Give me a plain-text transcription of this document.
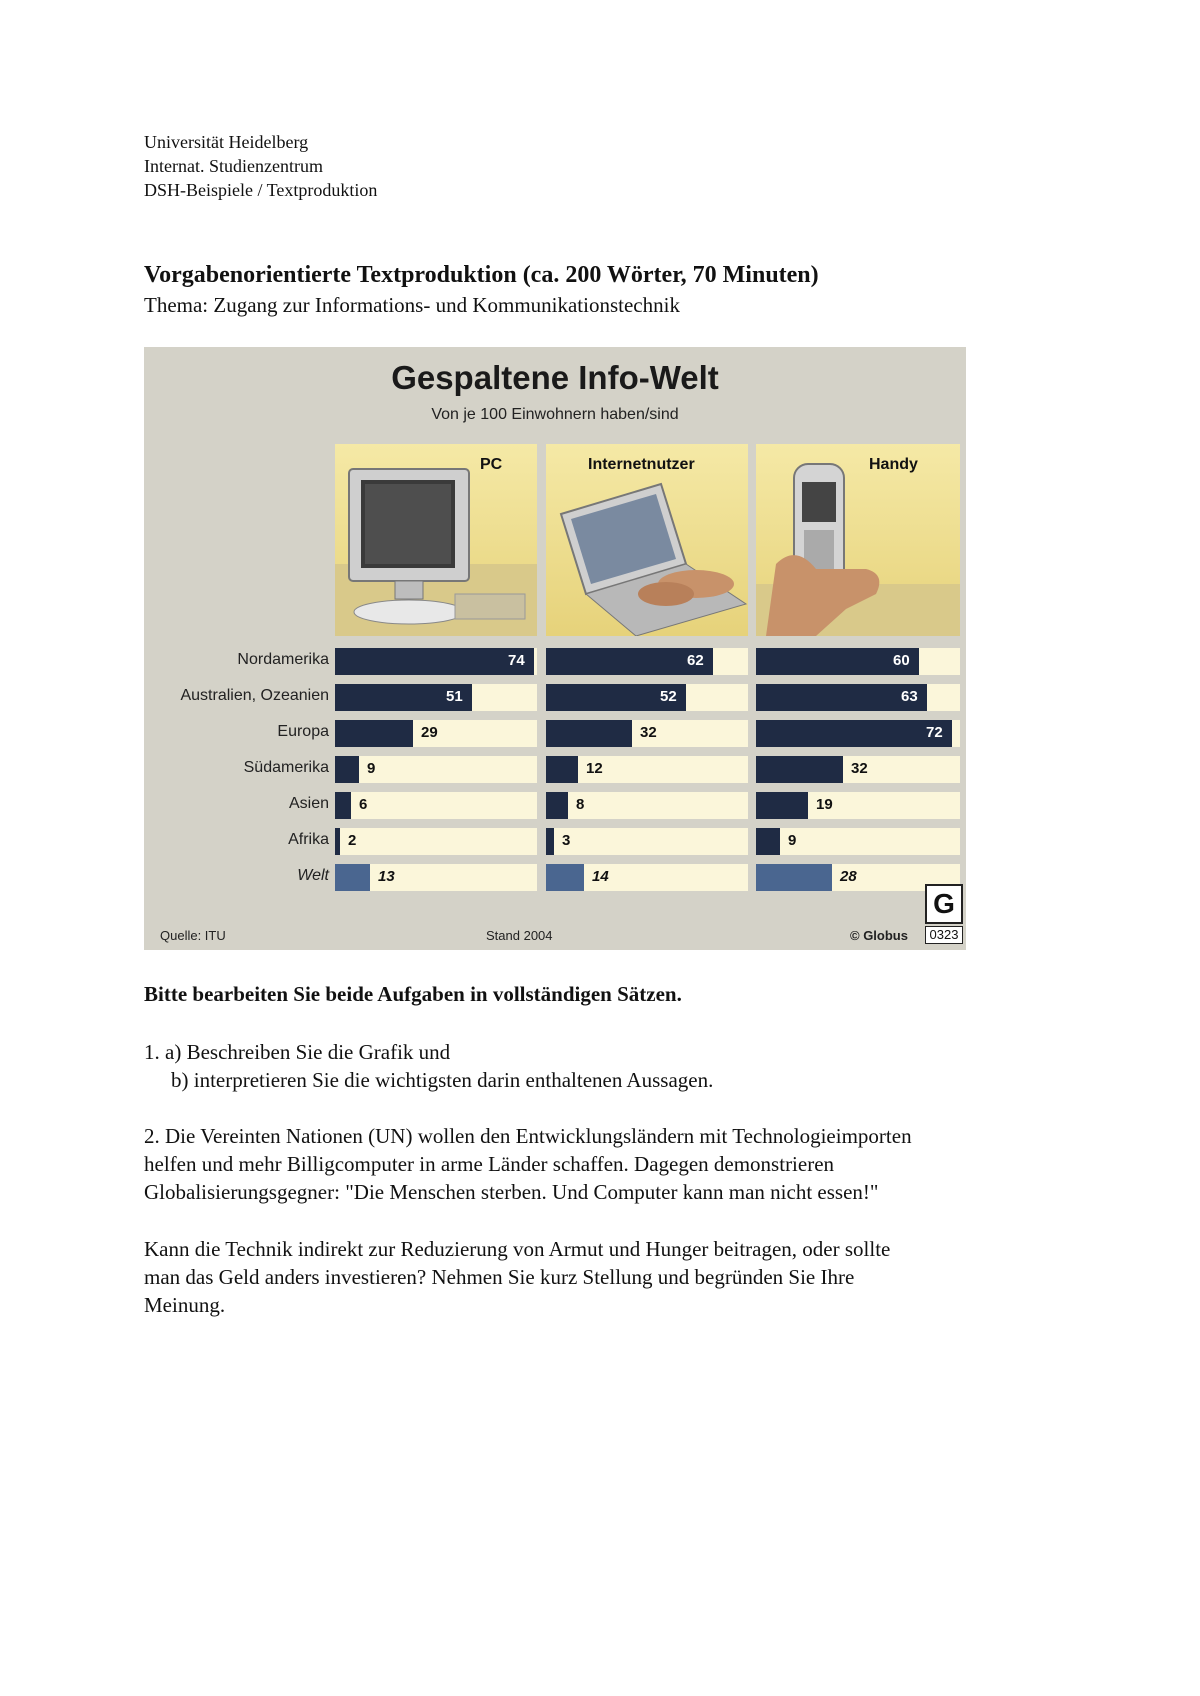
Universität Heidelberg
Internat. Studienzentrum
DSH-Beispiele / Textproduktion
Vorgabenorientierte Textproduktion (ca. 200 Wörter, 70 Minuten)
Thema: Zugang zur Informations- und Kommunikationstechnik
Gespaltene Info-Welt
Von je 100 Einwohnern haben/sind
PC	Internetnutzer	Handy
Nordamerika	74	62	60
Australien, Ozeanien	51	52	63
Europa	29	32	72
Südamerika	9	12	32
Asien 6	8	19
Afrika 2	3	9
Welt	13	14	28
Quelle: ITU	Stand 2004	© Globus
G
0323
Bitte bearbeiten Sie beide Aufgaben in vollständigen Sätzen.
1. a) Beschreiben Sie die Grafik und
b) interpretieren Sie die wichtigsten darin enthaltenen Aussagen.
2. Die Vereinten Nationen (UN) wollen den Entwicklungsländern mit Technologieimporten
helfen und mehr Billigcomputer in arme Länder schaffen. Dagegen demonstrieren
Globalisierungsgegner: "Die Menschen sterben. Und Computer kann man nicht essen!"
Kann die Technik indirekt zur Reduzierung von Armut und Hunger beitragen, oder sollte
man das Geld anders investieren? Nehmen Sie kurz Stellung und begründen Sie Ihre
Meinung.
